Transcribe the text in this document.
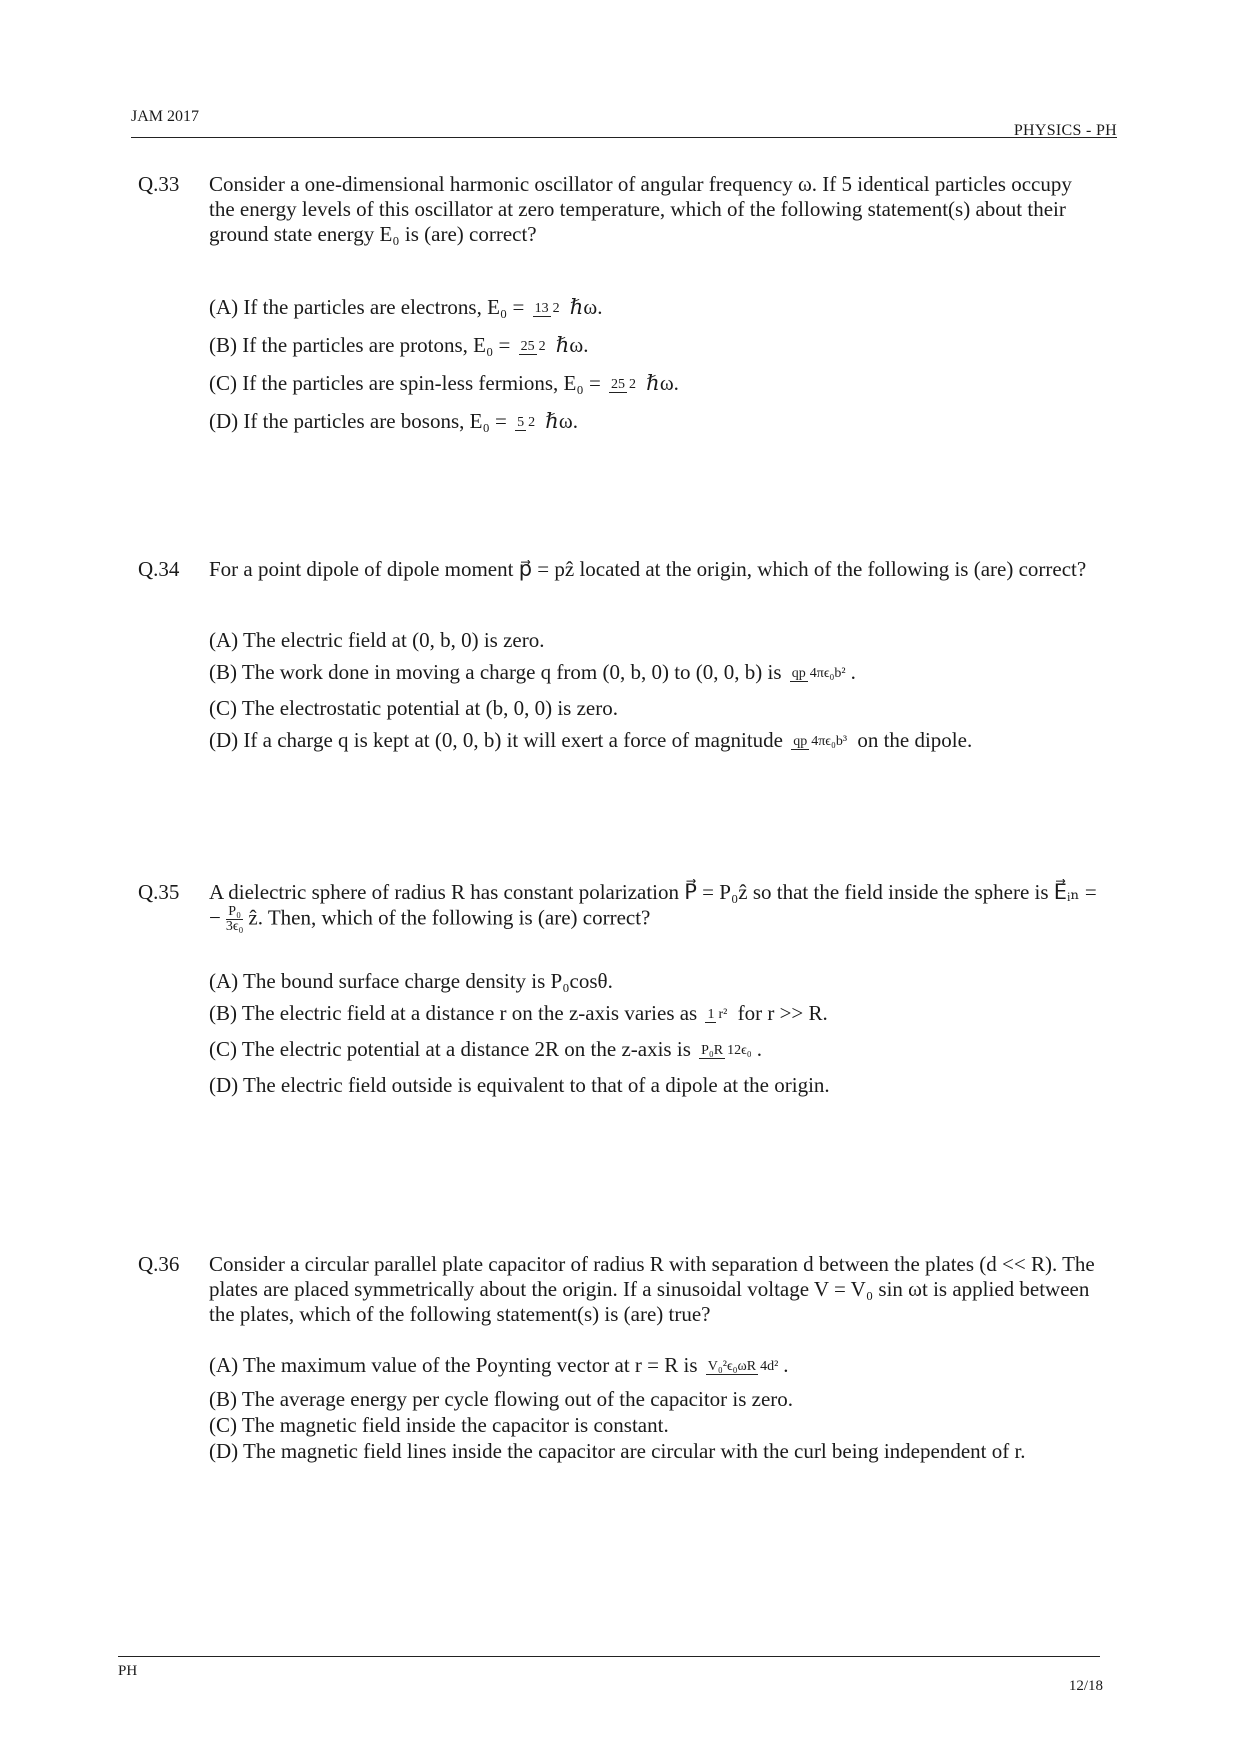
JAM 2017
PHYSICS - PH
Q.33 Consider a one-dimensional harmonic oscillator of angular frequency ω. If 5 identical particles occupy the energy levels of this oscillator at zero temperature, which of the following statement(s) about their ground state energy E₀ is (are) correct?
(A) If the particles are electrons, E₀ = 13 2 ℏω.
(B) If the particles are protons, E₀ = 25 2 ℏω.
(C) If the particles are spin-less fermions, E₀ = 25 2 ℏω.
(D) If the particles are bosons, E₀ = 5 2 ℏω.
Q.34 For a point dipole of dipole moment p⃗ = pẑ located at the origin, which of the following is (are) correct?
(A) The electric field at (0, b, 0) is zero.
(B) The work done in moving a charge q from (0, b, 0) to (0, 0, b) is qp 4πϵ₀b² .
(C) The electrostatic potential at (b, 0, 0) is zero.
(D) If a charge q is kept at (0, 0, b) it will exert a force of magnitude qp 4πϵ₀b³ on the dipole.
Q.35 A dielectric sphere of radius R has constant polarization P⃗ = P₀ẑ so that the field inside the sphere is E⃗ᵢₙ = − $\frac{\text{P₀}}{\text{3ϵ₀}}$ ẑ. Then, which of the following is (are) correct?
(A) The bound surface charge density is P₀cosθ.
(B) The electric field at a distance r on the z-axis varies as 1 r² for r >> R.
(C) The electric potential at a distance 2R on the z-axis is P₀R 12ϵ₀ .
(D) The electric field outside is equivalent to that of a dipole at the origin.
Q.36 Consider a circular parallel plate capacitor of radius R with separation d between the plates (d << R). The plates are placed symmetrically about the origin. If a sinusoidal voltage V = V₀ sin ωt is applied between the plates, which of the following statement(s) is (are) true?
(A) The maximum value of the Poynting vector at r = R is V₀²ϵ₀ωR 4d² .
(B) The average energy per cycle flowing out of the capacitor is zero.
(C) The magnetic field inside the capacitor is constant.
(D) The magnetic field lines inside the capacitor are circular with the curl being independent of r.
PH
12/18
